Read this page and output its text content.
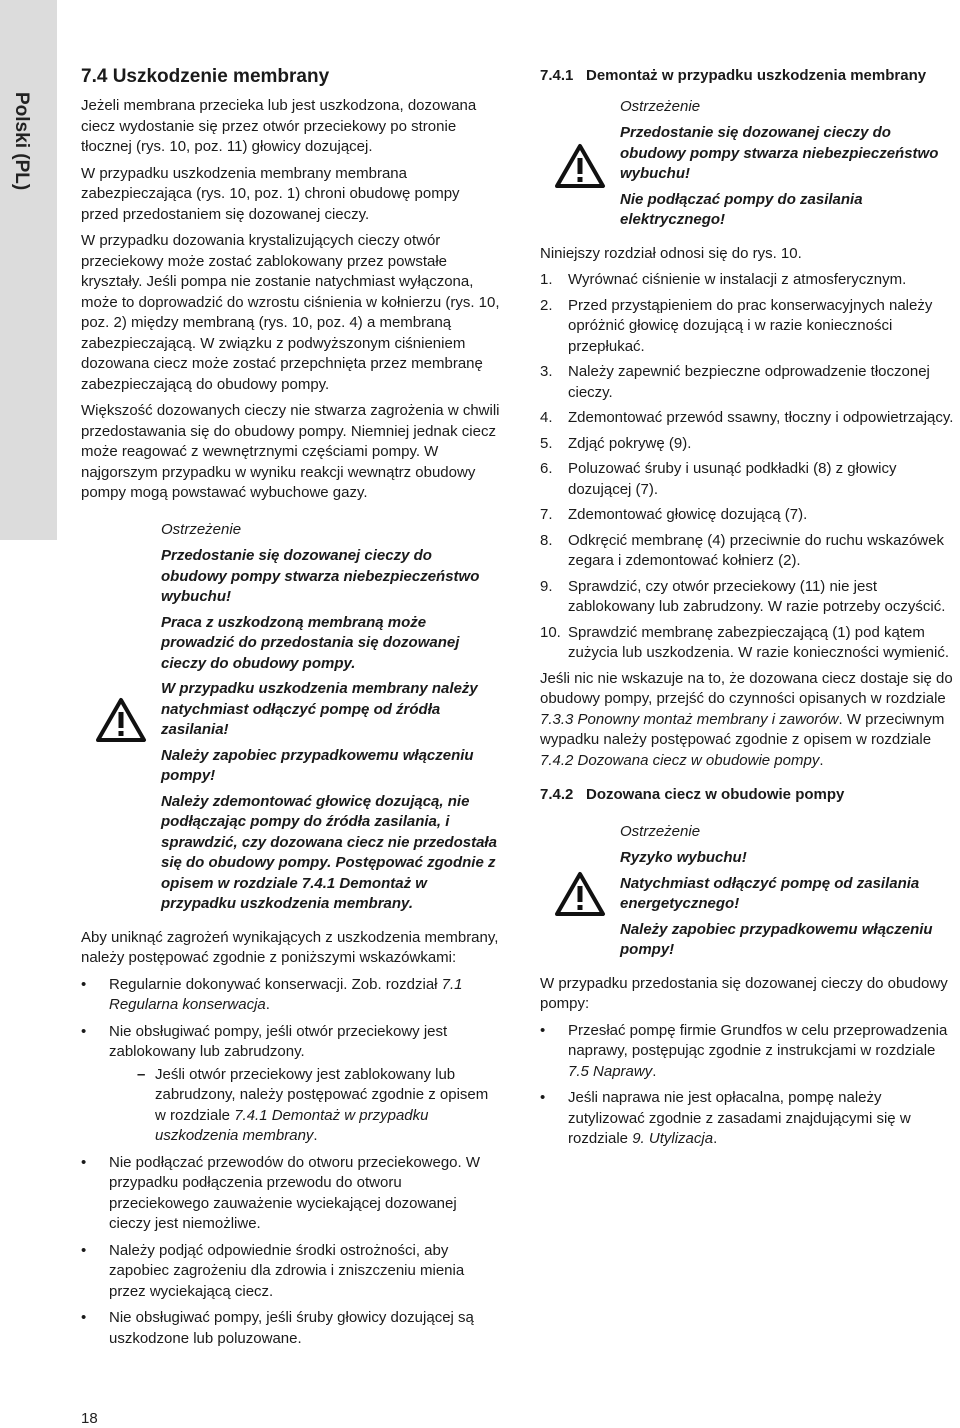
Polski (PL)
18
7.4 Uszkodzenie membrany
Jeżeli membrana przecieka lub jest uszkodzona, dozowana ciecz wydostanie się przez otwór przeciekowy po stronie tłocznej (rys. 10, poz. 11) głowicy dozującej.
W przypadku uszkodzenia membrany membrana zabezpieczająca (rys. 10, poz. 1) chroni obudowę pompy przed przedostaniem się dozowanej cieczy.
W przypadku dozowania krystalizujących cieczy otwór przeciekowy może zostać zablokowany przez powstałe kryształy. Jeśli pompa nie zostanie natychmiast wyłączona, może to doprowadzić do wzrostu ciśnienia w kołnierzu (rys. 10, poz. 2) między membraną (rys. 10, poz. 4) a membraną zabezpieczającą. W związku z podwyższonym ciśnieniem dozowana ciecz może zostać przepchnięta przez membranę zabezpieczającą do obudowy pompy.
Większość dozowanych cieczy nie stwarza zagrożenia w chwili przedostawania się do obudowy pompy. Niemniej jednak ciecz może reagować z wewnętrznymi częściami pompy. W najgorszym przypadku w wyniku reakcji wewnątrz obudowy pompy mogą powstawać wybuchowe gazy.
Ostrzeżenie
Przedostanie się dozowanej cieczy do obudowy pompy stwarza niebezpieczeństwo wybuchu!
Praca z uszkodzoną membraną może prowadzić do przedostania się dozowanej cieczy do obudowy pompy.
W przypadku uszkodzenia membrany należy natychmiast odłączyć pompę od źródła zasilania!
Należy zapobiec przypadkowemu włączeniu pompy!
Należy zdemontować głowicę dozującą, nie podłączając pompy do źródła zasilania, i sprawdzić, czy dozowana ciecz nie przedostała się do obudowy pompy. Postępować zgodnie z opisem w rozdziale 7.4.1 Demontaż w przypadku uszkodzenia membrany.
Aby uniknąć zagrożeń wynikających z uszkodzenia membrany, należy postępować zgodnie z poniższymi wskazówkami:
• Regularnie dokonywać konserwacji. Zob. rozdział 7.1 Regularna konserwacja.
• Nie obsługiwać pompy, jeśli otwór przeciekowy jest zablokowany lub zabrudzony.
– Jeśli otwór przeciekowy jest zablokowany lub zabrudzony, należy postępować zgodnie z opisem w rozdziale 7.4.1 Demontaż w przypadku uszkodzenia membrany.
• Nie podłączać przewodów do otworu przeciekowego. W przypadku podłączenia przewodu do otworu przeciekowego zauważenie wyciekającej dozowanej cieczy jest niemożliwe.
• Należy podjąć odpowiednie środki ostrożności, aby zapobiec zagrożeniu dla zdrowia i zniszczeniu mienia przez wyciekającą ciecz.
• Nie obsługiwać pompy, jeśli śruby głowicy dozującej są uszkodzone lub poluzowane.
7.4.1 Demontaż w przypadku uszkodzenia membrany
Ostrzeżenie
Przedostanie się dozowanej cieczy do obudowy pompy stwarza niebezpieczeństwo wybuchu!
Nie podłączać pompy do zasilania elektrycznego!
Niniejszy rozdział odnosi się do rys. 10.
1.	Wyrównać ciśnienie w instalacji z atmosferycznym.
2.	Przed przystąpieniem do prac konserwacyjnych należy opróżnić głowicę dozującą i w razie konieczności przepłukać.
3.	Należy zapewnić bezpieczne odprowadzenie tłoczonej cieczy.
4.	Zdemontować przewód ssawny, tłoczny i odpowietrzający.
5.	Zdjąć pokrywę (9).
6.	Poluzować śruby i usunąć podkładki (8) z głowicy dozującej (7).
7.	Zdemontować głowicę dozującą (7).
8.	Odkręcić membranę (4) przeciwnie do ruchu wskazówek zegara i zdemontować kołnierz (2).
9.	Sprawdzić, czy otwór przeciekowy (11) nie jest zablokowany lub zabrudzony. W razie potrzeby oczyścić.
10. Sprawdzić membranę zabezpieczającą (1) pod kątem zużycia lub uszkodzenia. W razie konieczności wymienić.
Jeśli nic nie wskazuje na to, że dozowana ciecz dostaje się do obudowy pompy, przejść do czynności opisanych w rozdziale 7.3.3 Ponowny montaż membrany i zaworów. W przeciwnym wypadku należy postępować zgodnie z opisem w rozdziale 7.4.2 Dozowana ciecz w obudowie pompy.
7.4.2 Dozowana ciecz w obudowie pompy
Ostrzeżenie
Ryzyko wybuchu!
Natychmiast odłączyć pompę od zasilania energetycznego!
Należy zapobiec przypadkowemu włączeniu pompy!
W przypadku przedostania się dozowanej cieczy do obudowy pompy:
• Przesłać pompę firmie Grundfos w celu przeprowadzenia naprawy, postępując zgodnie z instrukcjami w rozdziale 7.5 Naprawy.
• Jeśli naprawa nie jest opłacalna, pompę należy zutylizować zgodnie z zasadami znajdującymi się w rozdziale 9. Utylizacja.
